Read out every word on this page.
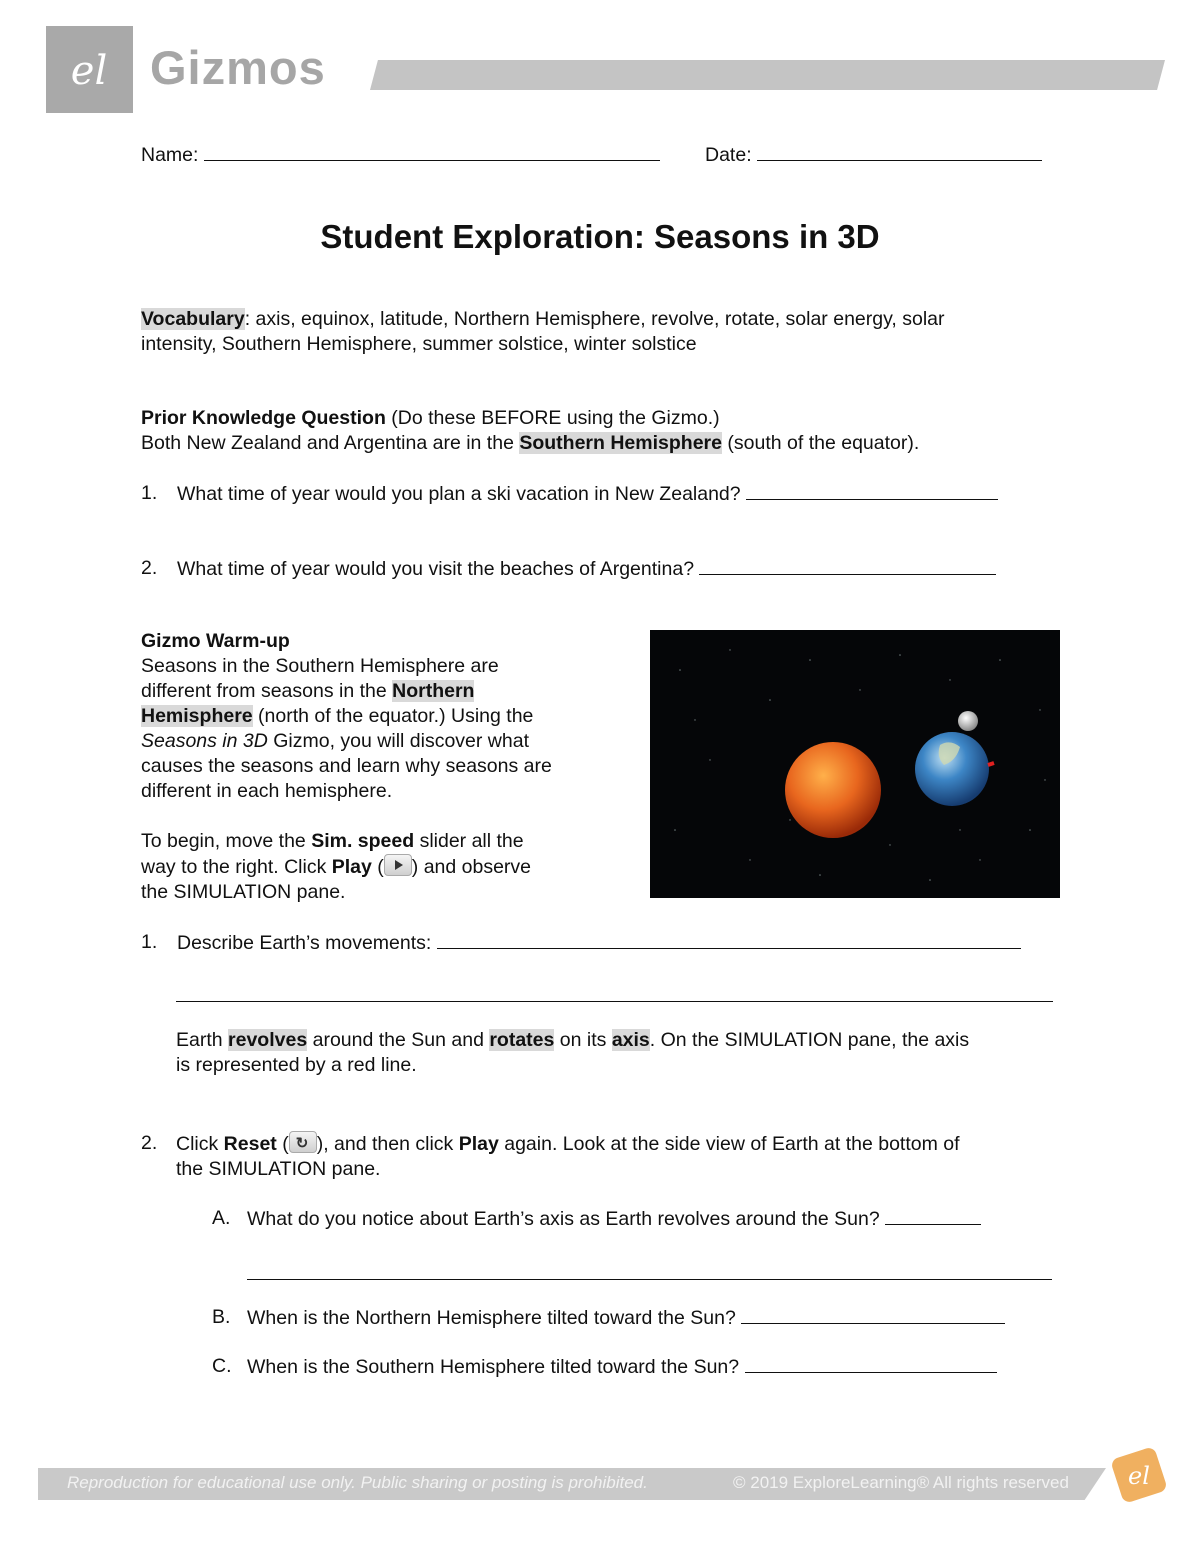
el Gizmos
Name:	Date:
Student Exploration: Seasons in 3D
Vocabulary: axis, equinox, latitude, Northern Hemisphere, revolve, rotate, solar energy, solar
intensity, Southern Hemisphere, summer solstice, winter solstice
Prior Knowledge Question (Do these BEFORE using the Gizmo.)
Both New Zealand and Argentina are in the Southern Hemisphere (south of the equator).
1.	What time of year would you plan a ski vacation in New Zealand?
2.	What time of year would you visit the beaches of Argentina?
Gizmo Warm-up
Seasons in the Southern Hemisphere are
different from seasons in the Northern
Hemisphere (north of the equator.) Using the
Seasons in 3D Gizmo, you will discover what
causes the seasons and learn why seasons are
different in each hemisphere.
To begin, move the Sim. speed slider all the
way to the right. Click Play ( ) and observe
the SIMULATION pane.
1.	Describe Earth’s movements:
Earth revolves around the Sun and rotates on its axis. On the SIMULATION pane, the axis
is represented by a red line.
2. Click Reset ( ↻ ), and then click Play again. Look at the side view of Earth at the bottom of
the SIMULATION pane.
A. What do you notice about Earth’s axis as Earth revolves around the Sun?
B. When is the Northern Hemisphere tilted toward the Sun?
C. When is the Southern Hemisphere tilted toward the Sun?
Reproduction for educational use only. Public sharing or posting is prohibited.	© 2019 ExploreLearning® All rights reserved el
